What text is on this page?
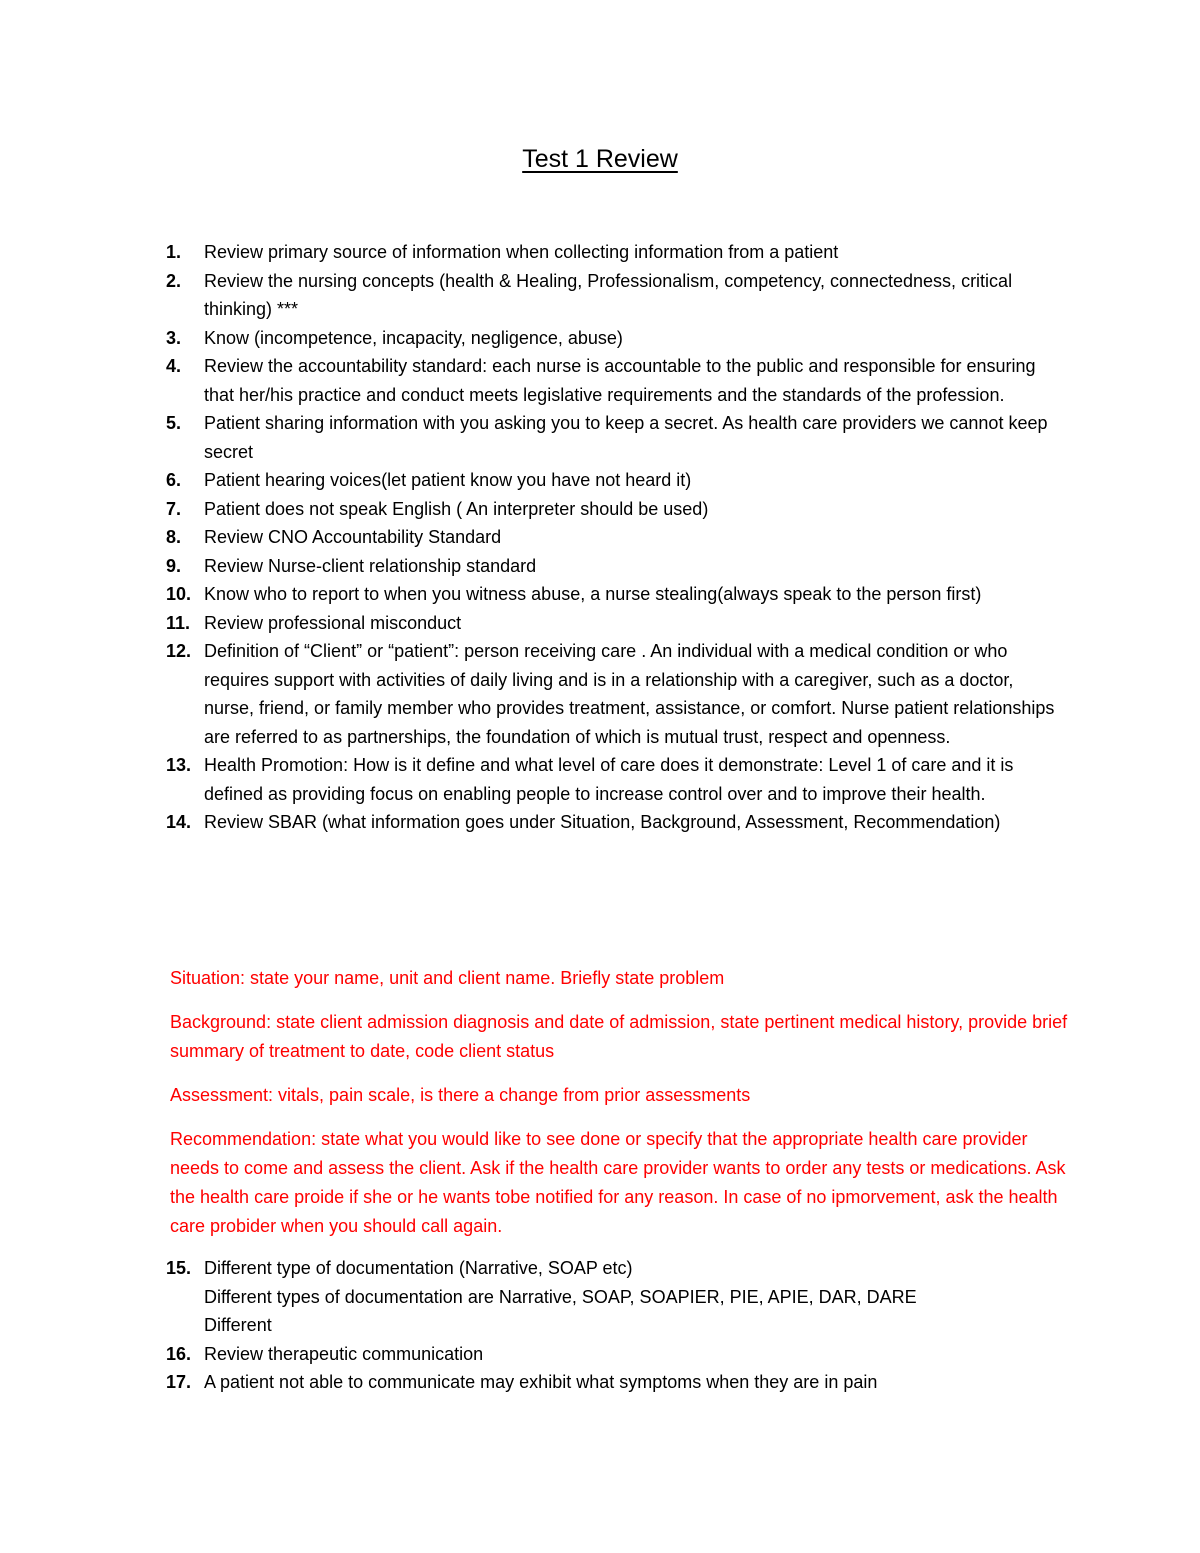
Test 1 Review
1. Review primary source of information when collecting information from a patient
2. Review the nursing concepts (health & Healing, Professionalism, competency, connectedness, critical thinking) ***
3. Know (incompetence, incapacity, negligence, abuse)
4. Review the accountability standard: each nurse is accountable to the public and responsible for ensuring that her/his practice and conduct meets legislative requirements and the standards of the profession.
5. Patient sharing information with you asking you to keep a secret. As health care providers we cannot keep secret
6. Patient hearing voices(let patient know you have not heard it)
7. Patient does not speak English ( An interpreter should be used)
8. Review CNO Accountability Standard
9. Review Nurse-client relationship standard
10. Know who to report to when you witness abuse, a nurse stealing(always speak to the person first)
11. Review professional misconduct
12. Definition of “Client” or “patient”: person receiving care . An individual with a medical condition or who requires support with activities of daily living and is in a relationship with a caregiver, such as a doctor, nurse, friend, or family member who provides treatment, assistance, or comfort. Nurse patient relationships are referred to as partnerships, the foundation of which is mutual trust, respect and openness.
13. Health Promotion: How is it define and what level of care does it demonstrate: Level 1 of care and it is defined as providing focus on enabling people to increase control over and to improve their health.
14. Review SBAR (what information goes under Situation, Background, Assessment, Recommendation)

Situation: state your name, unit and client name. Briefly state problem

Background: state client admission diagnosis and date of admission, state pertinent medical history, provide brief summary of treatment to date, code client status

Assessment: vitals, pain scale, is there a change from prior assessments

Recommendation: state what you would like to see done or specify that the appropriate health care provider needs to come and assess the client. Ask if the health care provider wants to order any tests or medications. Ask the health care proide if she or he wants tobe notified for any reason. In case of no ipmorvement, ask the health care probider when you should call again.

15. Different type of documentation (Narrative, SOAP etc)
Different types of documentation are Narrative, SOAP, SOAPIER, PIE, APIE, DAR, DARE
Different
16. Review therapeutic communication
17. A patient not able to communicate may exhibit what symptoms when they are in pain
